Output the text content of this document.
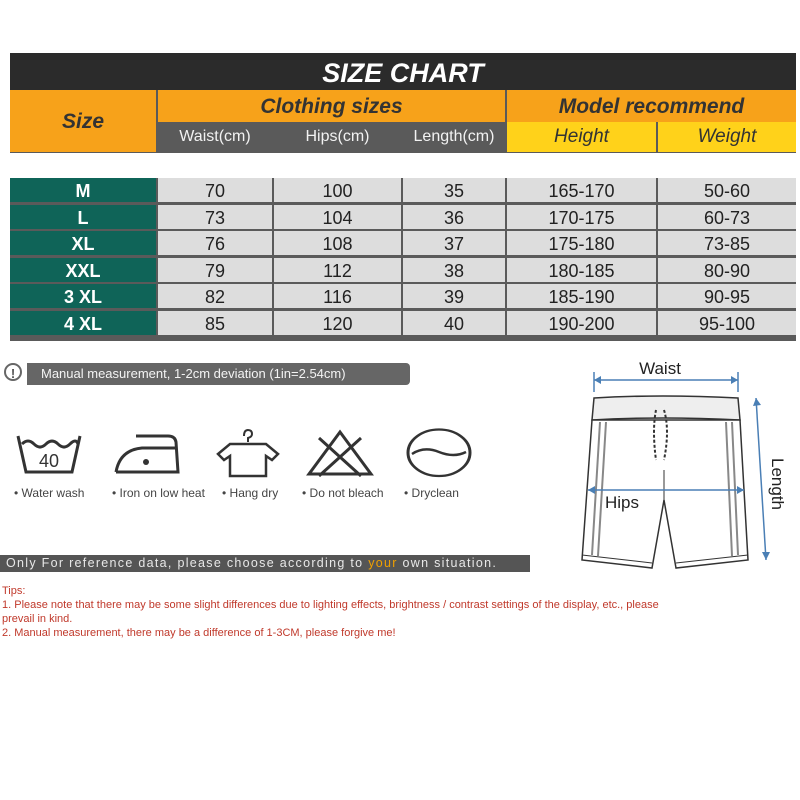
SIZE CHART
Size
Clothing sizes	Model recommend
Waist(cm)	Hips(cm)	Length(cm)	Height	Weight
M	70	100	35	165-170	50-60
L	73	104	36	170-175	60-73
XL	76	108	37	175-180	73-85
XXL	79	112	38	180-185	80-90
3 XL	82	116	39	185-190	90-95
4 XL	85	120	40	190-200	95-100
!	Manual measurement, 1-2cm deviation (1in=2.54cm)
40
• Water wash • Iron on low heat • Hang dry • Do not bleach • Dryclean
Only For reference data, please choose according to your own situation.
Tips:
1. Please note that there may be some slight differences due to lighting effects, brightness / contrast settings of the display, etc., please
prevail in kind.
2. Manual measurement, there may be a difference of 1-3CM, please forgive me!
Waist
Hips	Length
